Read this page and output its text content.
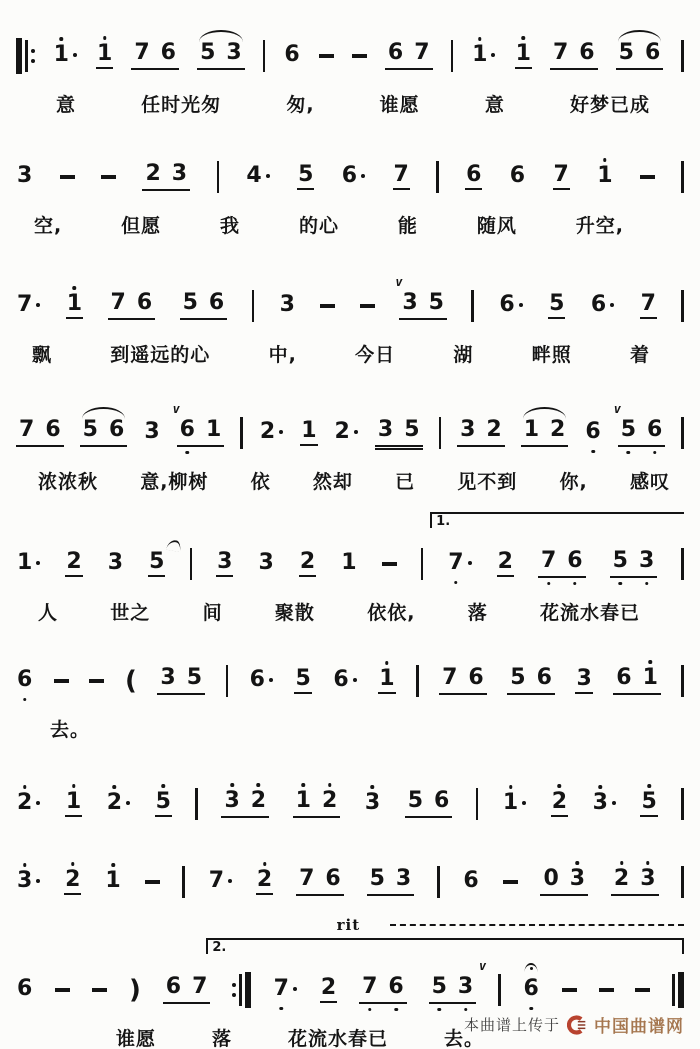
1 1 7 6 5 3 6	6 7 1 1 7 6 5 6
意	任时光匆	匆,	谁愿	意	好梦已成
3	2 3	4 5 6 7	6 6 7 1
空,	但愿	我	的心	能	随风	升空,
7 1 7 6 5 6	3
v
3 5	6 5 6 7
飘	到遥远的心	中,	今日	湖	畔照	着
7 6 5 6 3
v
6 1 2 1 2 3 5 3 2 1 2 6
v
5 6
浓浓秋 意,柳树 依 然却 已 见不到 你, 感叹
1.
1 2 3 5 3 3 2 1	7 2 7 6 5 3
人	世之	间	聚散	依依,	落	花流水春已
6	( 3 5 6 5 6 1 7 6 5 6 3 6 1
去。
2 1 2 5 3 2 1 2 3 5 6 1 2 3 5
3 2 1	7 2 7 6 5 3 6	0 3 2 3
2.
rit
6	) 6 7	7 2 7 6
v
5 3 6
谁愿	落	花流水春已	去。
本曲谱上传于 中国曲谱网
